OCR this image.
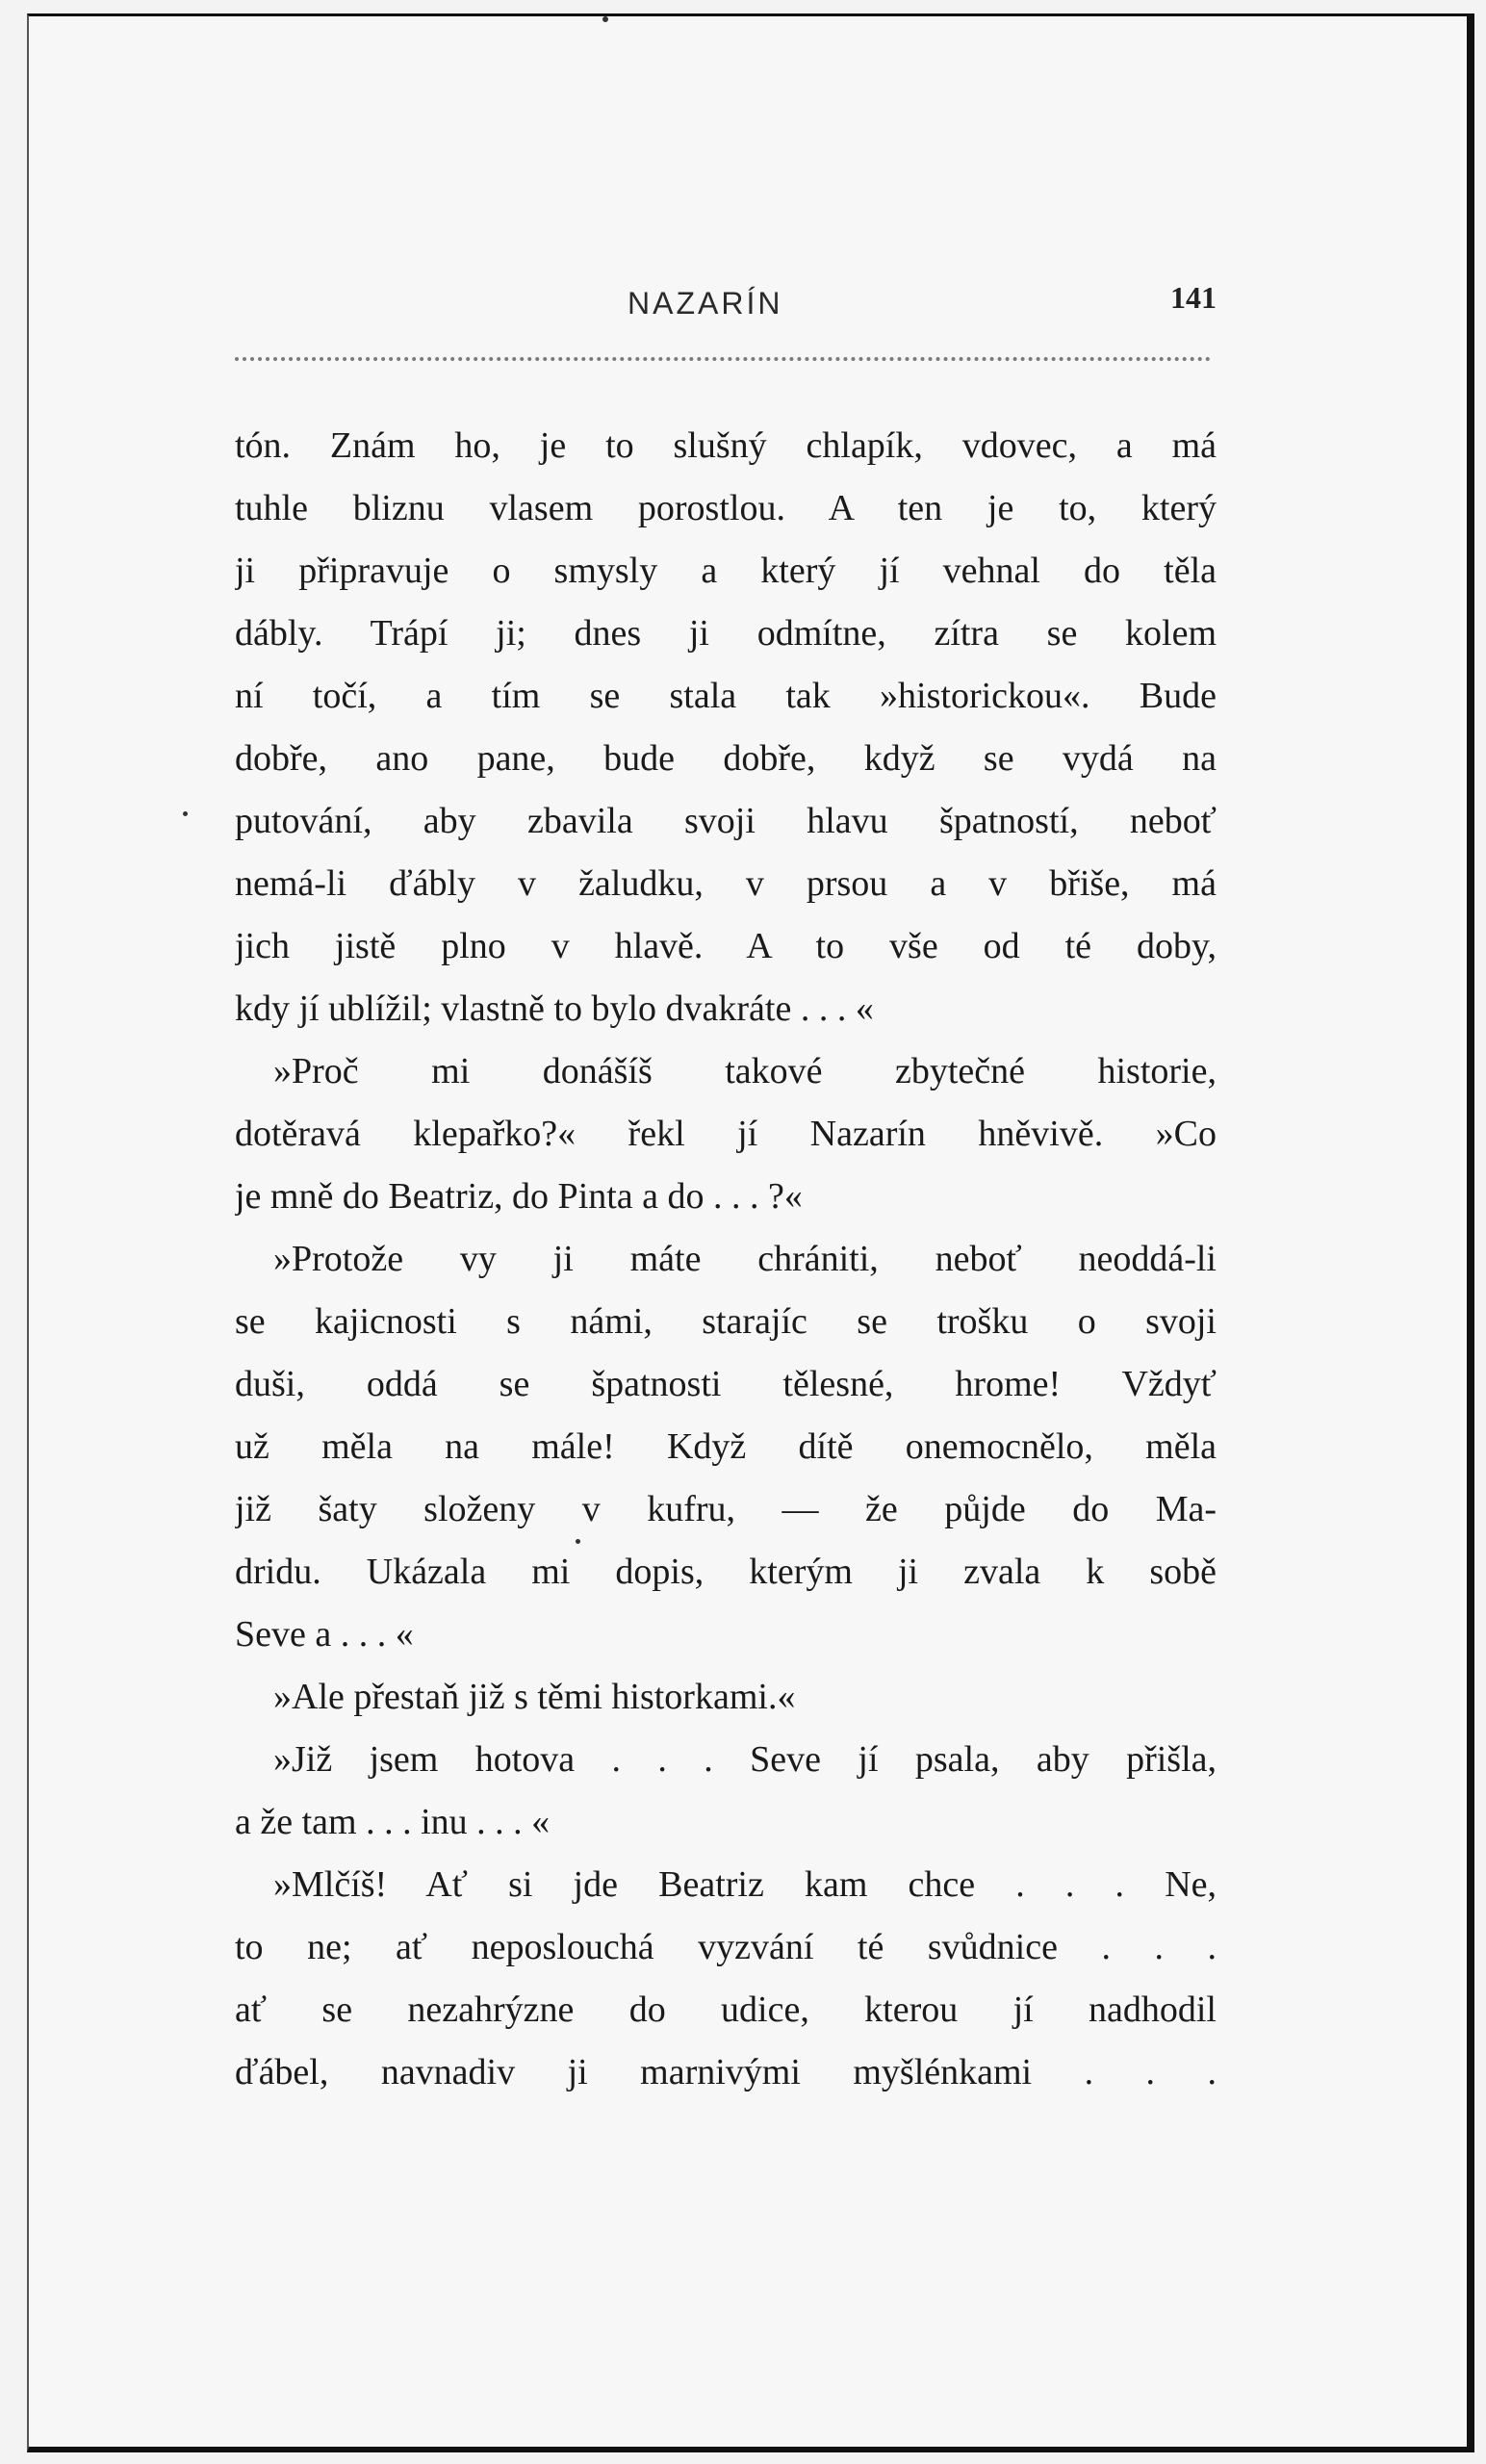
NAZARÍN	141
tón. Znám ho, je to slušný chlapík, vdovec, a má
tuhle bliznu vlasem porostlou. A ten je to, který
ji připravuje o smysly a který jí vehnal do těla
dábly. Trápí ji; dnes ji odmítne, zítra se kolem
ní točí, a tím se stala tak »historickou«. Bude
dobře, ano pane, bude dobře, když se vydá na
putování, aby zbavila svoji hlavu špatností, neboť
nemá-li ďábly v žaludku, v prsou a v břiše, má
jich jistě plno v hlavě. A to vše od té doby,
kdy jí ublížil; vlastně to bylo dvakráte . . . «
»Proč mi donášíš takové zbytečné historie,
dotěravá klepařko?« řekl jí Nazarín hněvivě. »Co
je mně do Beatriz, do Pinta a do . . . ?«
»Protože vy ji máte chrániti, neboť neoddá-li
se kajicnosti s námi, starajíc se trošku o svoji
duši, oddá se špatnosti tělesné, hrome! Vždyť
už měla na mále! Když dítě onemocnělo, měla
již šaty složeny v kufru, — že půjde do Ma-
dridu. Ukázala mi dopis, kterým ji zvala k sobě
Seve a . . . «
»Ale přestaň již s těmi historkami.«
»Již jsem hotova . . . Seve jí psala, aby přišla,
a že tam . . . inu . . . «
»Mlčíš! Ať si jde Beatriz kam chce . . . Ne,
to ne; ať neposlouchá vyzvání té svůdnice . . .
ať se nezahrýzne do udice, kterou jí nadhodil
ďábel, navnadiv ji marnivými myšlénkami . . .
